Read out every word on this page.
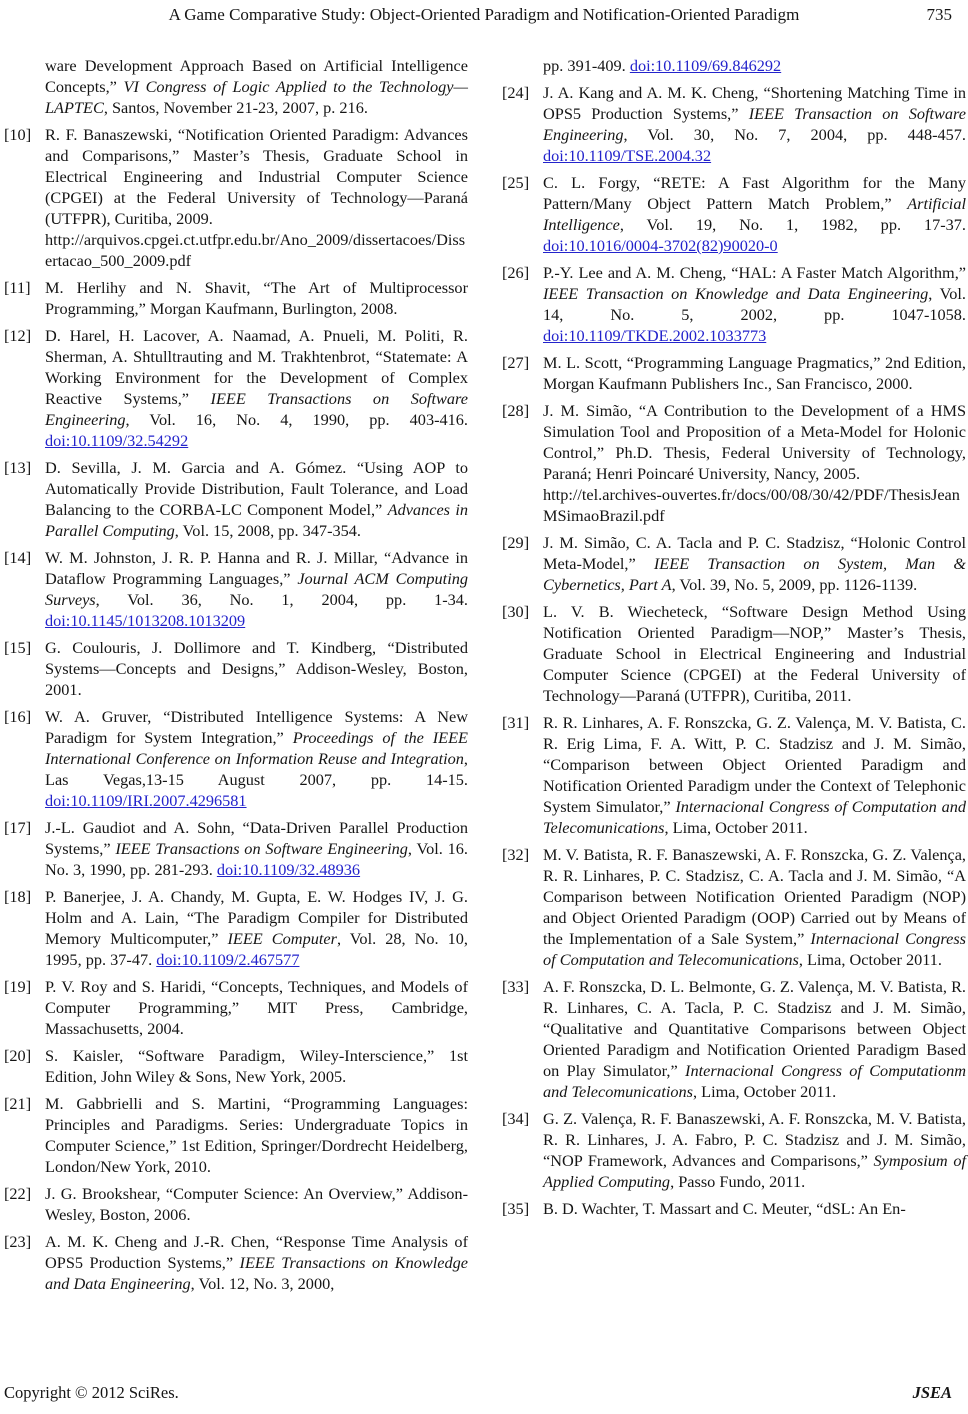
A Game Comparative Study: Object-Oriented Paradigm and Notification-Oriented Paradigm	735
ware Development Approach Based on Artificial Intelligence Concepts,” VI Congress of Logic Applied to the Technology—LAPTEC, Santos, November 21-23, 2007, p. 216.
[10] R. F. Banaszewski, “Notification Oriented Paradigm: Advances and Comparisons,” Master’s Thesis, Graduate School in Electrical Engineering and Industrial Computer Science (CPGEI) at the Federal University of Technology—Paraná (UTFPR), Curitiba, 2009.
http://arquivos.cpgei.ct.utfpr.edu.br/Ano_2009/dissertacoes/Dissertacao_500_2009.pdf
[11] M. Herlihy and N. Shavit, “The Art of Multiprocessor Programming,” Morgan Kaufmann, Burlington, 2008.
[12] D. Harel, H. Lacover, A. Naamad, A. Pnueli, M. Politi, R. Sherman, A. Shtulltrauting and M. Trakhtenbrot, “Statemate: A Working Environment for the Development of Complex Reactive Systems,” IEEE Transactions on Software Engineering, Vol. 16, No. 4, 1990, pp. 403-416. doi:10.1109/32.54292
[13] D. Sevilla, J. M. Garcia and A. Gómez. “Using AOP to Automatically Provide Distribution, Fault Tolerance, and Load Balancing to the CORBA-LC Component Model,” Advances in Parallel Computing, Vol. 15, 2008, pp. 347-354.
[14] W. M. Johnston, J. R. P. Hanna and R. J. Millar, “Advance in Dataflow Programming Languages,” Journal ACM Computing Surveys, Vol. 36, No. 1, 2004, pp. 1-34. doi:10.1145/1013208.1013209
[15] G. Coulouris, J. Dollimore and T. Kindberg, “Distributed Systems—Concepts and Designs,” Addison-Wesley, Boston, 2001.
[16] W. A. Gruver, “Distributed Intelligence Systems: A New Paradigm for System Integration,” Proceedings of the IEEE International Conference on Information Reuse and Integration, Las Vegas,13-15 August 2007, pp. 14-15. doi:10.1109/IRI.2007.4296581
[17] J.-L. Gaudiot and A. Sohn, “Data-Driven Parallel Production Systems,” IEEE Transactions on Software Engineering, Vol. 16. No. 3, 1990, pp. 281-293. doi:10.1109/32.48936
[18] P. Banerjee, J. A. Chandy, M. Gupta, E. W. Hodges IV, J. G. Holm and A. Lain, “The Paradigm Compiler for Distributed Memory Multicomputer,” IEEE Computer, Vol. 28, No. 10, 1995, pp. 37-47. doi:10.1109/2.467577
[19] P. V. Roy and S. Haridi, “Concepts, Techniques, and Models of Computer Programming,” MIT Press, Cambridge, Massachusetts, 2004.
[20] S. Kaisler, “Software Paradigm, Wiley-Interscience,” 1st Edition, John Wiley & Sons, New York, 2005.
[21] M. Gabbrielli and S. Martini, “Programming Languages: Principles and Paradigms. Series: Undergraduate Topics in Computer Science,” 1st Edition, Springer/Dordrecht Heidelberg, London/New York, 2010.
[22] J. G. Brookshear, “Computer Science: An Overview,” Addison-Wesley, Boston, 2006.
[23] A. M. K. Cheng and J.-R. Chen, “Response Time Analysis of OPS5 Production Systems,” IEEE Transactions on Knowledge and Data Engineering, Vol. 12, No. 3, 2000,
pp. 391-409. doi:10.1109/69.846292
[24] J. A. Kang and A. M. K. Cheng, “Shortening Matching Time in OPS5 Production Systems,” IEEE Transaction on Software Engineering, Vol. 30, No. 7, 2004, pp. 448-457. doi:10.1109/TSE.2004.32
[25] C. L. Forgy, “RETE: A Fast Algorithm for the Many Pattern/Many Object Pattern Match Problem,” Artificial Intelligence, Vol. 19, No. 1, 1982, pp. 17-37. doi:10.1016/0004-3702(82)90020-0
[26] P.-Y. Lee and A. M. Cheng, “HAL: A Faster Match Algorithm,” IEEE Transaction on Knowledge and Data Engineering, Vol. 14, No. 5, 2002, pp. 1047-1058. doi:10.1109/TKDE.2002.1033773
[27] M. L. Scott, “Programming Language Pragmatics,” 2nd Edition, Morgan Kaufmann Publishers Inc., San Francisco, 2000.
[28] J. M. Simão, “A Contribution to the Development of a HMS Simulation Tool and Proposition of a Meta-Model for Holonic Control,” Ph.D. Thesis, Federal University of Technology, Paraná; Henri Poincaré University, Nancy, 2005.
http://tel.archives-ouvertes.fr/docs/00/08/30/42/PDF/ThesisJeanMSimaoBrazil.pdf
[29] J. M. Simão, C. A. Tacla and P. C. Stadzisz, “Holonic Control Meta-Model,” IEEE Transaction on System, Man & Cybernetics, Part A, Vol. 39, No. 5, 2009, pp. 1126-1139.
[30] L. V. B. Wiecheteck, “Software Design Method Using Notification Oriented Paradigm—NOP,” Master’s Thesis, Graduate School in Electrical Engineering and Industrial Computer Science (CPGEI) at the Federal University of Technology—Paraná (UTFPR), Curitiba, 2011.
[31] R. R. Linhares, A. F. Ronszcka, G. Z. Valença, M. V. Batista, C. R. Erig Lima, F. A. Witt, P. C. Stadzisz and J. M. Simão, “Comparison between Object Oriented Paradigm and Notification Oriented Paradigm under the Context of Telephonic System Simulator,” Internacional Congress of Computation and Telecomunications, Lima, October 2011.
[32] M. V. Batista, R. F. Banaszewski, A. F. Ronszcka, G. Z. Valença, R. R. Linhares, P. C. Stadzisz, C. A. Tacla and J. M. Simão, “A Comparison between Notification Oriented Paradigm (NOP) and Object Oriented Paradigm (OOP) Carried out by Means of the Implementation of a Sale System,” Internacional Congress of Computation and Telecomunications, Lima, October 2011.
[33] A. F. Ronszcka, D. L. Belmonte, G. Z. Valença, M. V. Batista, R. R. Linhares, C. A. Tacla, P. C. Stadzisz and J. M. Simão, “Qualitative and Quantitative Comparisons between Object Oriented Paradigm and Notification Oriented Paradigm Based on Play Simulator,” Internacional Congress of Computationm and Telecomunications, Lima, October 2011.
[34] G. Z. Valença, R. F. Banaszewski, A. F. Ronszcka, M. V. Batista, R. R. Linhares, J. A. Fabro, P. C. Stadzisz and J. M. Simão, “NOP Framework, Advances and Comparisons,” Symposium of Applied Computing, Passo Fundo, 2011.
[35] B. D. Wachter, T. Massart and C. Meuter, “dSL: An En-
Copyright © 2012 SciRes.	JSEA
